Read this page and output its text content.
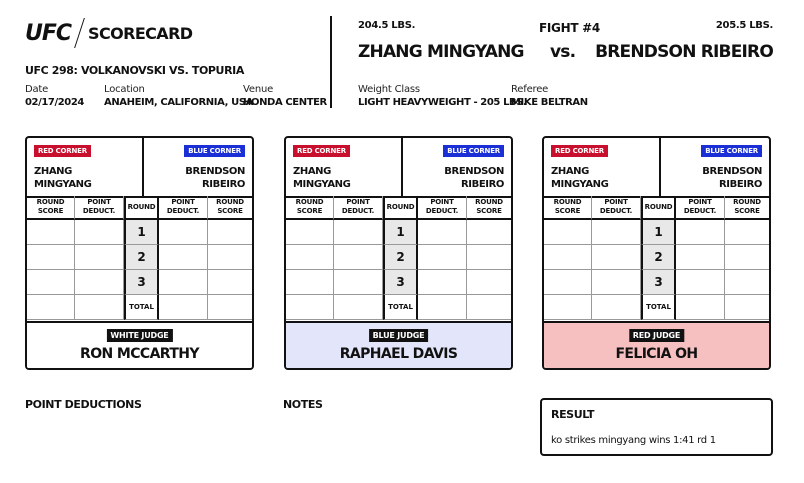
UFC SCORECARD
UFC 298: VOLKANOVSKI VS. TOPURIA
Date
02/17/2024
Location
ANAHEIM, CALIFORNIA, USA
Venue
HONDA CENTER
204.5 LBS.
ZHANG MINGYANG
FIGHT #4
vs.
205.5 LBS.
BRENDSON RIBEIRO
Weight Class
LIGHT HEAVYWEIGHT - 205 LBS.
Referee
MIKE BELTRAN
RED CORNER
ZHANG
MINGYANG
BLUE CORNER
BRENDSON
RIBEIRO
ROUND SCORE
POINT DEDUCT.
ROUND
POINT DEDUCT.
ROUND SCORE
1
2
3
TOTAL
WHITE JUDGE
RON MCCARTHY
RED CORNER
ZHANG
MINGYANG
BLUE CORNER
BRENDSON
RIBEIRO
ROUND SCORE
POINT DEDUCT.
ROUND
POINT DEDUCT.
ROUND SCORE
1
2
3
TOTAL
BLUE JUDGE
RAPHAEL DAVIS
RED CORNER
ZHANG
MINGYANG
BLUE CORNER
BRENDSON
RIBEIRO
ROUND SCORE
POINT DEDUCT.
ROUND
POINT DEDUCT.
ROUND SCORE
1
2
3
TOTAL
RED JUDGE
FELICIA OH
POINT DEDUCTIONS	NOTES
RESULT
ko strikes mingyang wins 1:41 rd 1
